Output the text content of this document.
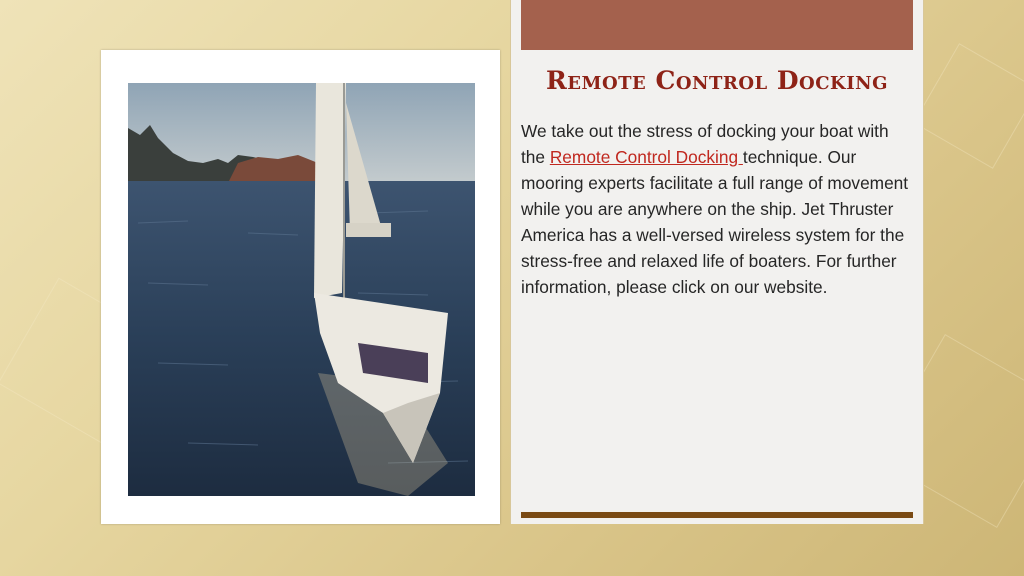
Remote Control Docking

We take out the stress of docking your boat with the Remote Control Docking technique. Our mooring experts facilitate a full range of movement while you are anywhere on the ship. Jet Thruster America has a well-versed wireless system for the stress-free and relaxed life of boaters. For further information, please click on our website.
